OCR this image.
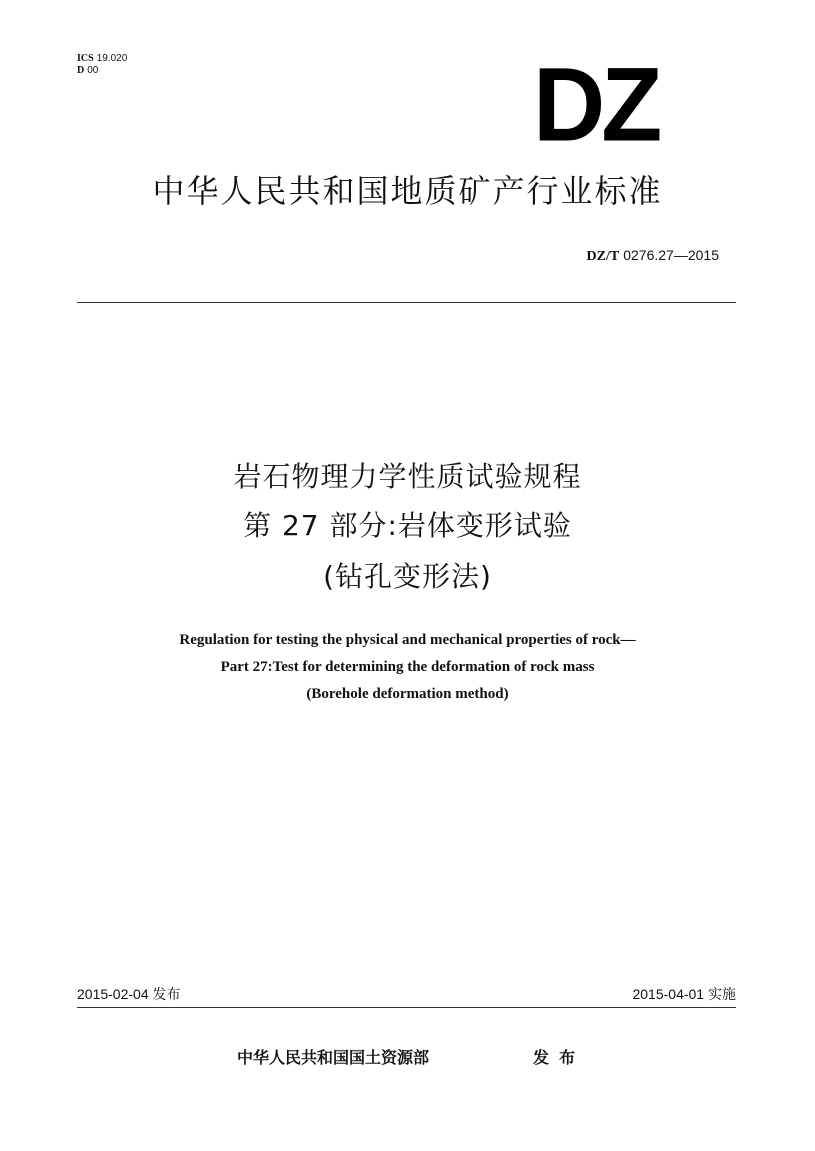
ICS 19.020
D 00	DZ
中华人民共和国地质矿产行业标准
DZ/T 0276.27—2015
岩石物理力学性质试验规程
第 27 部分:岩体变形试验
(钻孔变形法)
Regulation for testing the physical and mechanical properties of rock—
Part 27:Test for determining the deformation of rock mass
(Borehole deformation method)
2015-02-04 发布	2015-04-01 实施
中华人民共和国国土资源部	发布
